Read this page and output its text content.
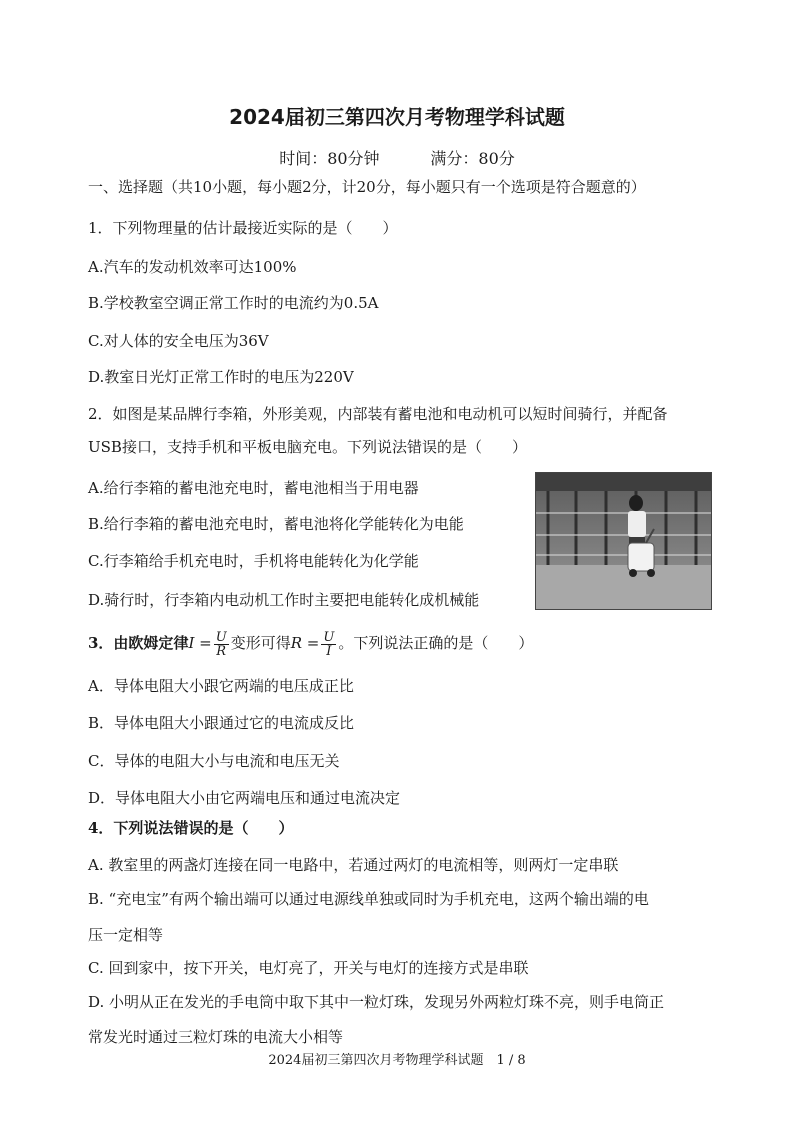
2024届初三第四次月考物理学科试题
时间：80分钟	满分：80分
一、选择题（共10小题，每小题2分，计20分，每小题只有一个选项是符合题意的）
1．下列物理量的估计最接近实际的是（　　）
A.汽车的发动机效率可达100%
B.学校教室空调正常工作时的电流约为0.5A
C.对人体的安全电压为36V
D.教室日光灯正常工作时的电压为220V
2．如图是某品牌行李箱，外形美观，内部装有蓄电池和电动机可以短时间骑行，并配备
USB接口，支持手机和平板电脑充电。下列说法错误的是（　　）
A.给行李箱的蓄电池充电时，蓄电池相当于用电器
B.给行李箱的蓄电池充电时，蓄电池将化学能转化为电能
C.行李箱给手机充电时，手机将电能转化为化学能
D.骑行时，行李箱内电动机工作时主要把电能转化成机械能
3．由欧姆定律$I = \frac{U}{R}$ 变形可得$R = \frac{U}{I}$ 。下列说法正确的是（　　）
A．导体电阻大小跟它两端的电压成正比
B．导体电阻大小跟通过它的电流成反比
C．导体的电阻大小与电流和电压无关
D．导体电阻大小由它两端电压和通过电流决定
4．下列说法错误的是（　　）
A. 教室里的两盏灯连接在同一电路中，若通过两灯的电流相等，则两灯一定串联
B. “充电宝”有两个输出端可以通过电源线单独或同时为手机充电，这两个输出端的电
压一定相等
C. 回到家中，按下开关，电灯亮了，开关与电灯的连接方式是串联
D. 小明从正在发光的手电筒中取下其中一粒灯珠，发现另外两粒灯珠不亮，则手电筒正
常发光时通过三粒灯珠的电流大小相等
2024届初三第四次月考物理学科试题　1 / 8
